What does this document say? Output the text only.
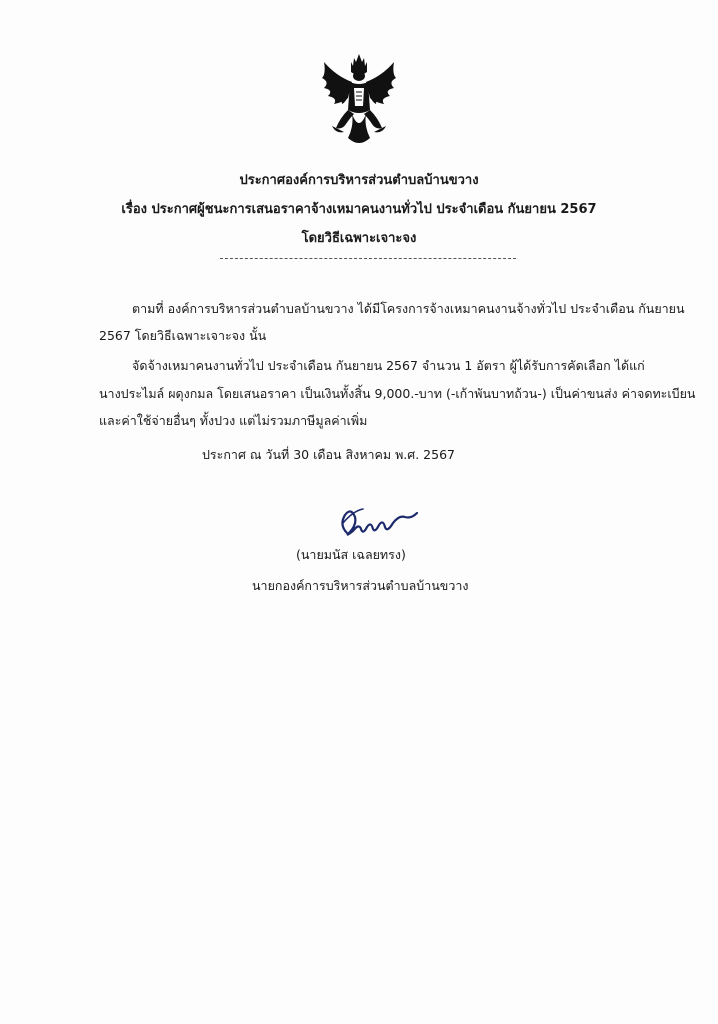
ประกาศองค์การบริหารส่วนตำบลบ้านขวาง
เรื่อง ประกาศผู้ชนะการเสนอราคาจ้างเหมาคนงานทั่วไป ประจำเดือน กันยายน 2567
โดยวิธีเฉพาะเจาะจง
ตามที่ องค์การบริหารส่วนตำบลบ้านขวาง ได้มีโครงการจ้างเหมาคนงานจ้างทั่วไป ประจำเดือน กันยายน
2567 โดยวิธีเฉพาะเจาะจง นั้น
จัดจ้างเหมาคนงานทั่วไป ประจำเดือน กันยายน 2567 จำนวน 1 อัตรา ผู้ได้รับการคัดเลือก ได้แก่
นางประไมล์ ผดุงกมล โดยเสนอราคา เป็นเงินทั้งสิ้น 9,000.-บาท (-เก้าพันบาทถ้วน-) เป็นค่าขนส่ง ค่าจดทะเบียน
และค่าใช้จ่ายอื่นๆ ทั้งปวง แต่ไม่รวมภาษีมูลค่าเพิ่ม
ประกาศ ณ วันที่ 30 เดือน สิงหาคม พ.ศ. 2567
(นายมนัส เฉลยทรง)
นายกองค์การบริหารส่วนตำบลบ้านขวาง
